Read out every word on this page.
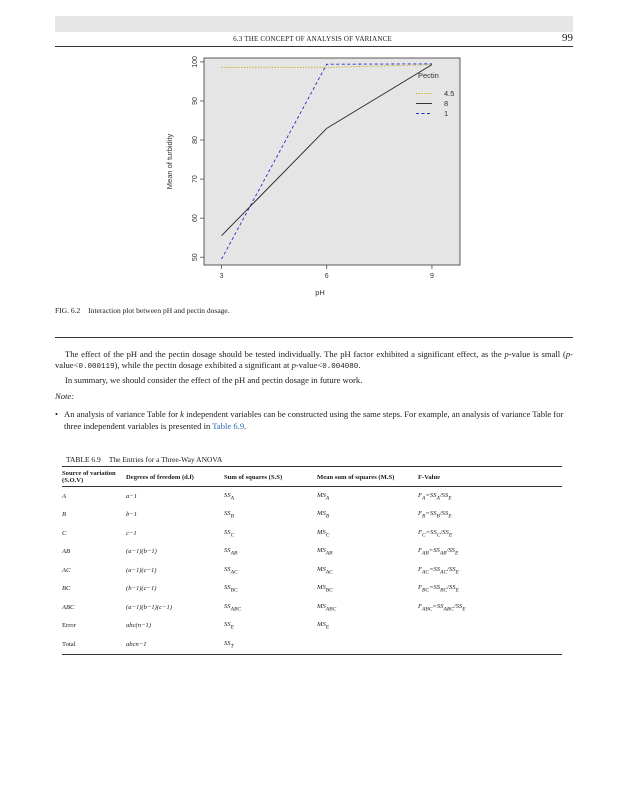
6.3 THE CONCEPT OF ANALYSIS OF VARIANCE	99
50
60
70
80
90
100
3	6	9
pH
Mean of turbidity
Pectin
4.5
8
1
FIG. 6.2 Interaction plot between pH and pectin dosage.
The effect of the pH and the pectin dosage should be tested individually. The pH factor exhibited a significant effect, as the p-value is small (p-value<0.000119), while the pectin dosage exhibited a significant at p-value<0.004080.
In summary, we should consider the effect of the pH and pectin dosage in future work.
Note:
• An analysis of variance Table for k independent variables can be constructed using the same steps. For example, an analysis of variance Table for three independent variables is presented in Table 6.9.
TABLE 6.9 The Entries for a Three-Way ANOVA
Source of variation (S.O.V)	Degrees of freedom (d.f)	Sum of squares (S.S)	Mean sum of squares (M.S)	F-Value
A	a−1	$SS_A$	$MS_A$	$F_A=SS_A/SS_E$
B	b−1	$SS_B$	$MS_B$	$F_B=SS_B/SS_E$
C	c−1	$SS_C$	$MS_C$	$F_C=SS_C/SS_E$
AB	(a−1)(b−1)	$SS_{AB}$	$MS_{AB}$	$F_{AB}=SS_{AB}/SS_E$
AC	(a−1)(c−1)	$SS_{AC}$	$MS_{AC}$	$F_{AC}=SS_{AC}/SS_E$
BC	(b−1)(c−1)	$SS_{BC}$	$MS_{BC}$	$F_{BC}=SS_{BC}/SS_E$
ABC	(a−1)(b−1)(c−1)	$SS_{ABC}$	$MS_{ABC}$	$F_{ABC}=SS_{ABC}/SS_E$
Error	abc(n−1)	$SS_E$	$MS_E$	
Total	abcn−1	$SS_T$		
